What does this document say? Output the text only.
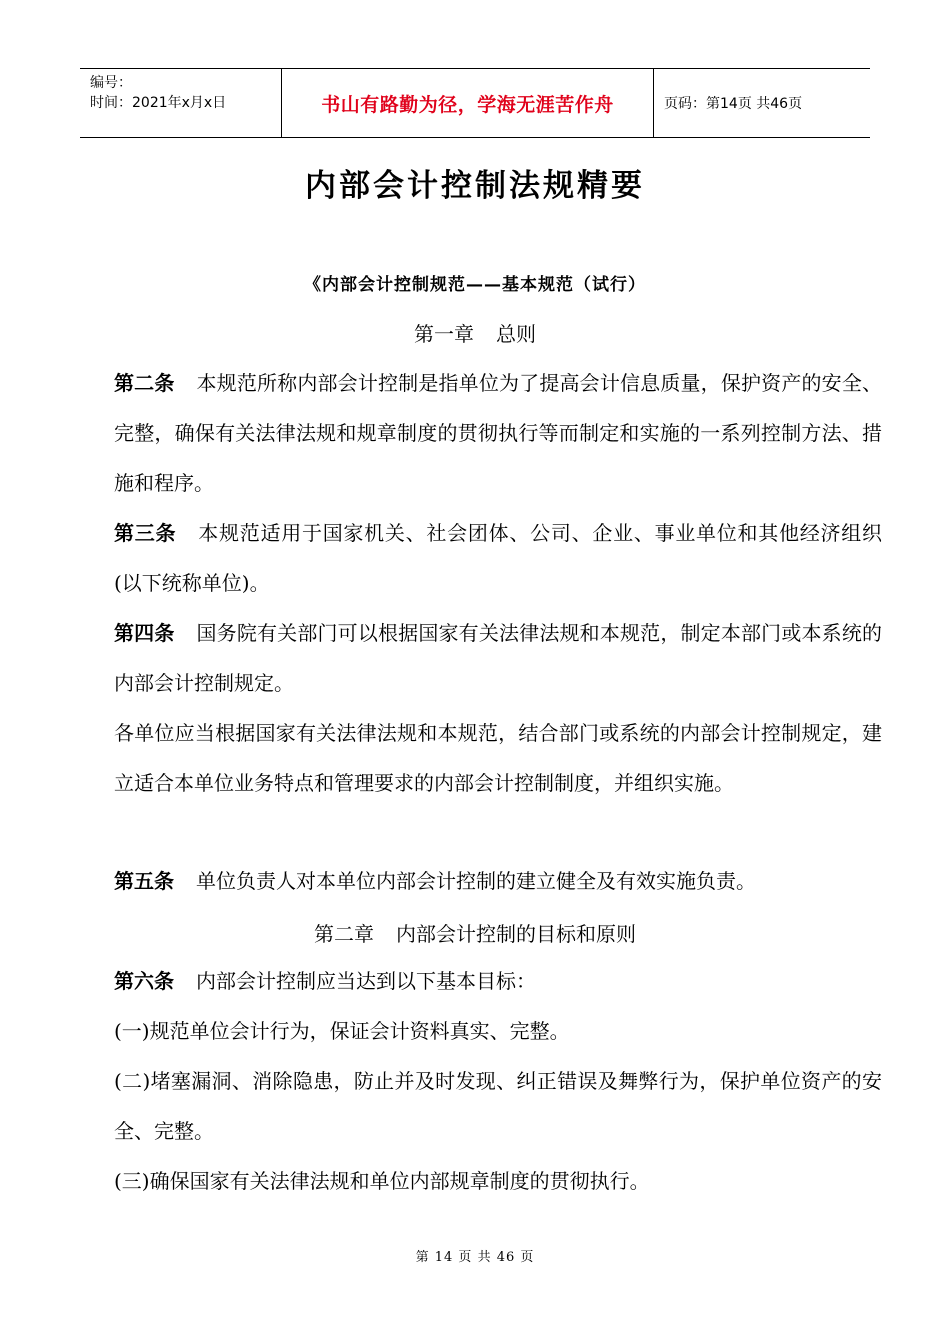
编号：
时间：2021年x月x日	书山有路勤为径，学海无涯苦作舟	页码：第14页 共46页
内部会计控制法规精要
《内部会计控制规范——基本规范（试行）
第一章 总则
第二条 本规范所称内部会计控制是指单位为了提高会计信息质量，保护资产的安全、完整，确保有关法律法规和规章制度的贯彻执行等而制定和实施的一系列控制方法、措施和程序。
第三条 本规范适用于国家机关、社会团体、公司、企业、事业单位和其他经济组织(以下统称单位)。
第四条 国务院有关部门可以根据国家有关法律法规和本规范，制定本部门或本系统的内部会计控制规定。
各单位应当根据国家有关法律法规和本规范，结合部门或系统的内部会计控制规定，建立适合本单位业务特点和管理要求的内部会计控制制度，并组织实施。
第五条 单位负责人对本单位内部会计控制的建立健全及有效实施负责。
第二章 内部会计控制的目标和原则
第六条 内部会计控制应当达到以下基本目标：
(一)规范单位会计行为，保证会计资料真实、完整。
(二)堵塞漏洞、消除隐患，防止并及时发现、纠正错误及舞弊行为，保护单位资产的安全、完整。
(三)确保国家有关法律法规和单位内部规章制度的贯彻执行。
第 14 页 共 46 页
